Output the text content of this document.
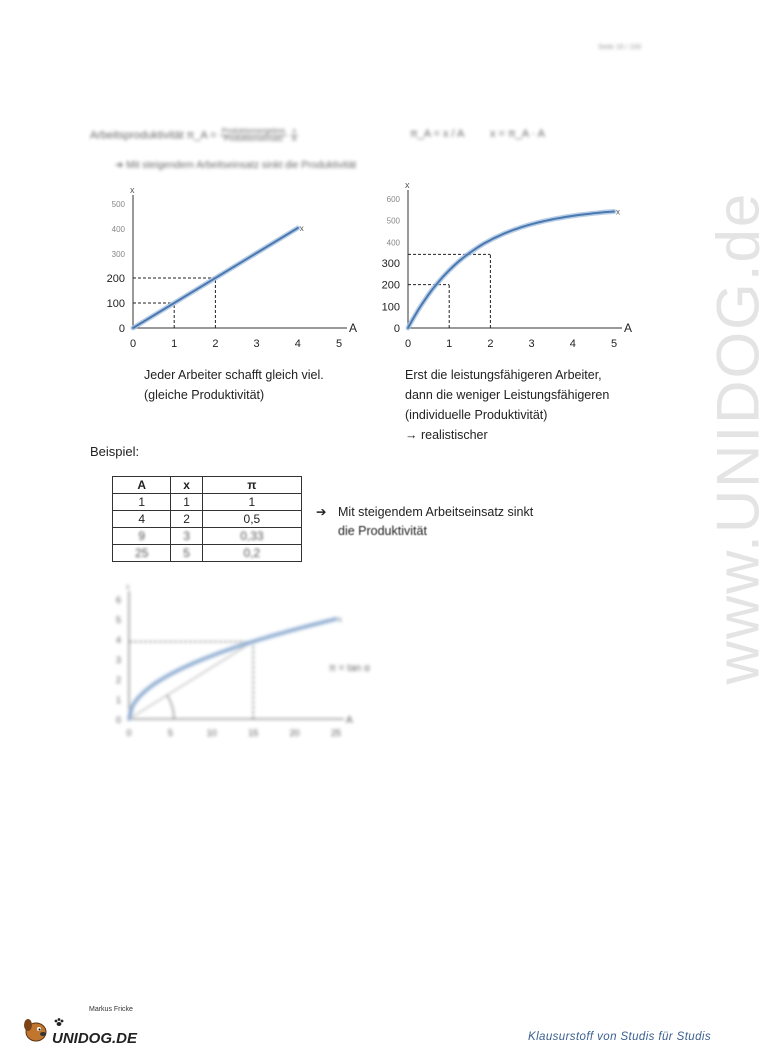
www.UNIDOG.de
Seite 16 / 100
Arbeitsproduktivität π_A = $\frac{\text{Produktionsergebnis}}{\text{Produktionseinsatz}}$
$\frac{x}{A}$	π_A = x / A x = π_A · A
➜ Mit steigendem Arbeitseinsatz sinkt die Produktivität
A
x
0	1	2	3	4	5
0
100
200
300
400
500
x
A
x
0	1	2	3	4	5
0
100
200
300
400
500
600
x
Jeder Arbeiter schafft gleich viel.
(gleiche Produktivität)
Erst die leistungsfähigeren Arbeiter,
dann die weniger Leistungsfähigeren
(individuelle Produktivität)
→ realistischer
Beispiel:
A	x	π
1	1	1
4	2	0,5
9	3	0,33
25	5	0,2
➔ Mit steigendem Arbeitseinsatz sinkt
die Produktivität
A
x
0	5	10	15	20	25
0
1
2
3
4
5
6
π = tan α
x
Markus Fricke
UNIDOG.DE	Klausurstoff von Studis für Studis
